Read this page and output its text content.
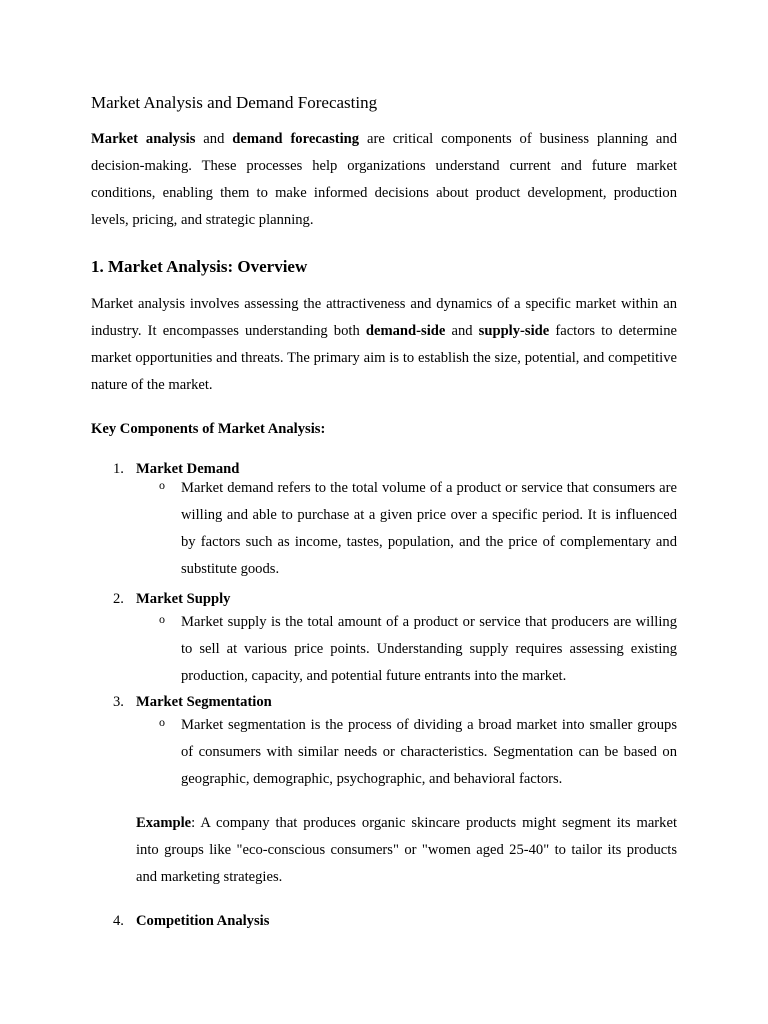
Market Analysis and Demand Forecasting

Market analysis and demand forecasting are critical components of business planning and decision-making. These processes help organizations understand current and future market conditions, enabling them to make informed decisions about product development, production levels, pricing, and strategic planning.

1. Market Analysis: Overview

Market analysis involves assessing the attractiveness and dynamics of a specific market within an industry. It encompasses understanding both demand-side and supply-side factors to determine market opportunities and threats. The primary aim is to establish the size, potential, and competitive nature of the market.

Key Components of Market Analysis:
1. Market Demand
o Market demand refers to the total volume of a product or service that consumers are willing and able to purchase at a given price over a specific period. It is influenced by factors such as income, tastes, population, and the price of complementary and substitute goods.

2. Market Supply
o Market supply is the total amount of a product or service that producers are willing to sell at various price points. Understanding supply requires assessing existing production, capacity, and potential future entrants into the market.

3. Market Segmentation
o Market segmentation is the process of dividing a broad market into smaller groups of consumers with similar needs or characteristics. Segmentation can be based on geographic, demographic, psychographic, and behavioral factors.

Example: A company that produces organic skincare products might segment its market into groups like "eco-conscious consumers" or "women aged 25-40" to tailor its products and marketing strategies.

4. Competition Analysis
